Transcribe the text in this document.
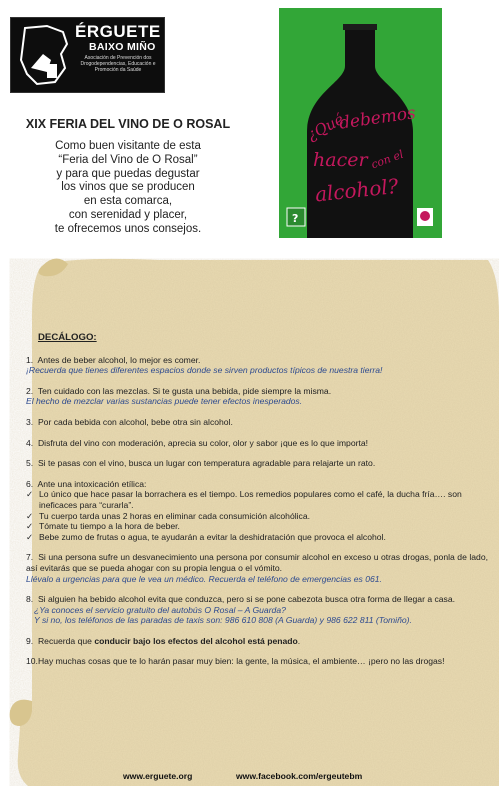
ÉRGUETE
BAIXO MIÑO
Asociación de Prevención dos Drogodependencias, Educación e Promoción da Saúde
XIX FERIA DEL VINO DE O ROSAL
Como buen visitante de esta
“Feria del Vino de O Rosal”
y para que puedas degustar
los vinos que se producen
en esta comarca,
con serenidad y placer,
te ofrecemos unos consejos.
¿Qué
debemos
hacer con el
alcohol?
?
DECÁLOGO:

1. Antes de beber alcohol, lo mejor es comer.

¡Recuerda que tienes diferentes espacios donde se sirven productos típicos de nuestra tierra!

2. Ten cuidado con las mezclas. Si te gusta una bebida, pide siempre la misma.

El hecho de mezclar varias sustancias puede tener efectos inesperados.

3. Por cada bebida con alcohol, bebe otra sin alcohol.

4. Disfruta del vino con moderación, aprecia su color, olor y sabor ¡que es lo que importa!

5. Si te pasas con el vino, busca un lugar con temperatura agradable para relajarte un rato.

6. Ante una intoxicación etílica:

✓ Lo único que hace pasar la borrachera es el tiempo. Los remedios populares como el café, la ducha fría…. son ineficaces para “curarla”.
✓ Tu cuerpo tarda unas 2 horas en eliminar cada consumición alcohólica.
✓ Tómate tu tiempo a la hora de beber.
✓ Bebe zumo de frutas o agua, te ayudarán a evitar la deshidratación que provoca el alcohol.

7. Si una persona sufre un desvanecimiento una persona por consumir alcohol en exceso u otras drogas, ponla de lado, así evitarás que se pueda ahogar con su propia lengua o el vómito.

Llévalo a urgencias para que le vea un médico. Recuerda el teléfono de emergencias es 061.

8. Si alguien ha bebido alcohol evita que conduzca, pero si se pone cabezota busca otra forma de llegar a casa.

¿Ya conoces el servicio gratuito del autobús O Rosal – A Guarda?

Y si no, los teléfonos de las paradas de taxis son: 986 610 808 (A Guarda) y 986 622 811 (Tomiño).

9. Recuerda que conducir bajo los efectos del alcohol está penado.

10.Hay muchas cosas que te lo harán pasar muy bien: la gente, la música, el ambiente… ¡pero no las drogas!

www.erguete.org	www.facebook.com/ergeutebm
